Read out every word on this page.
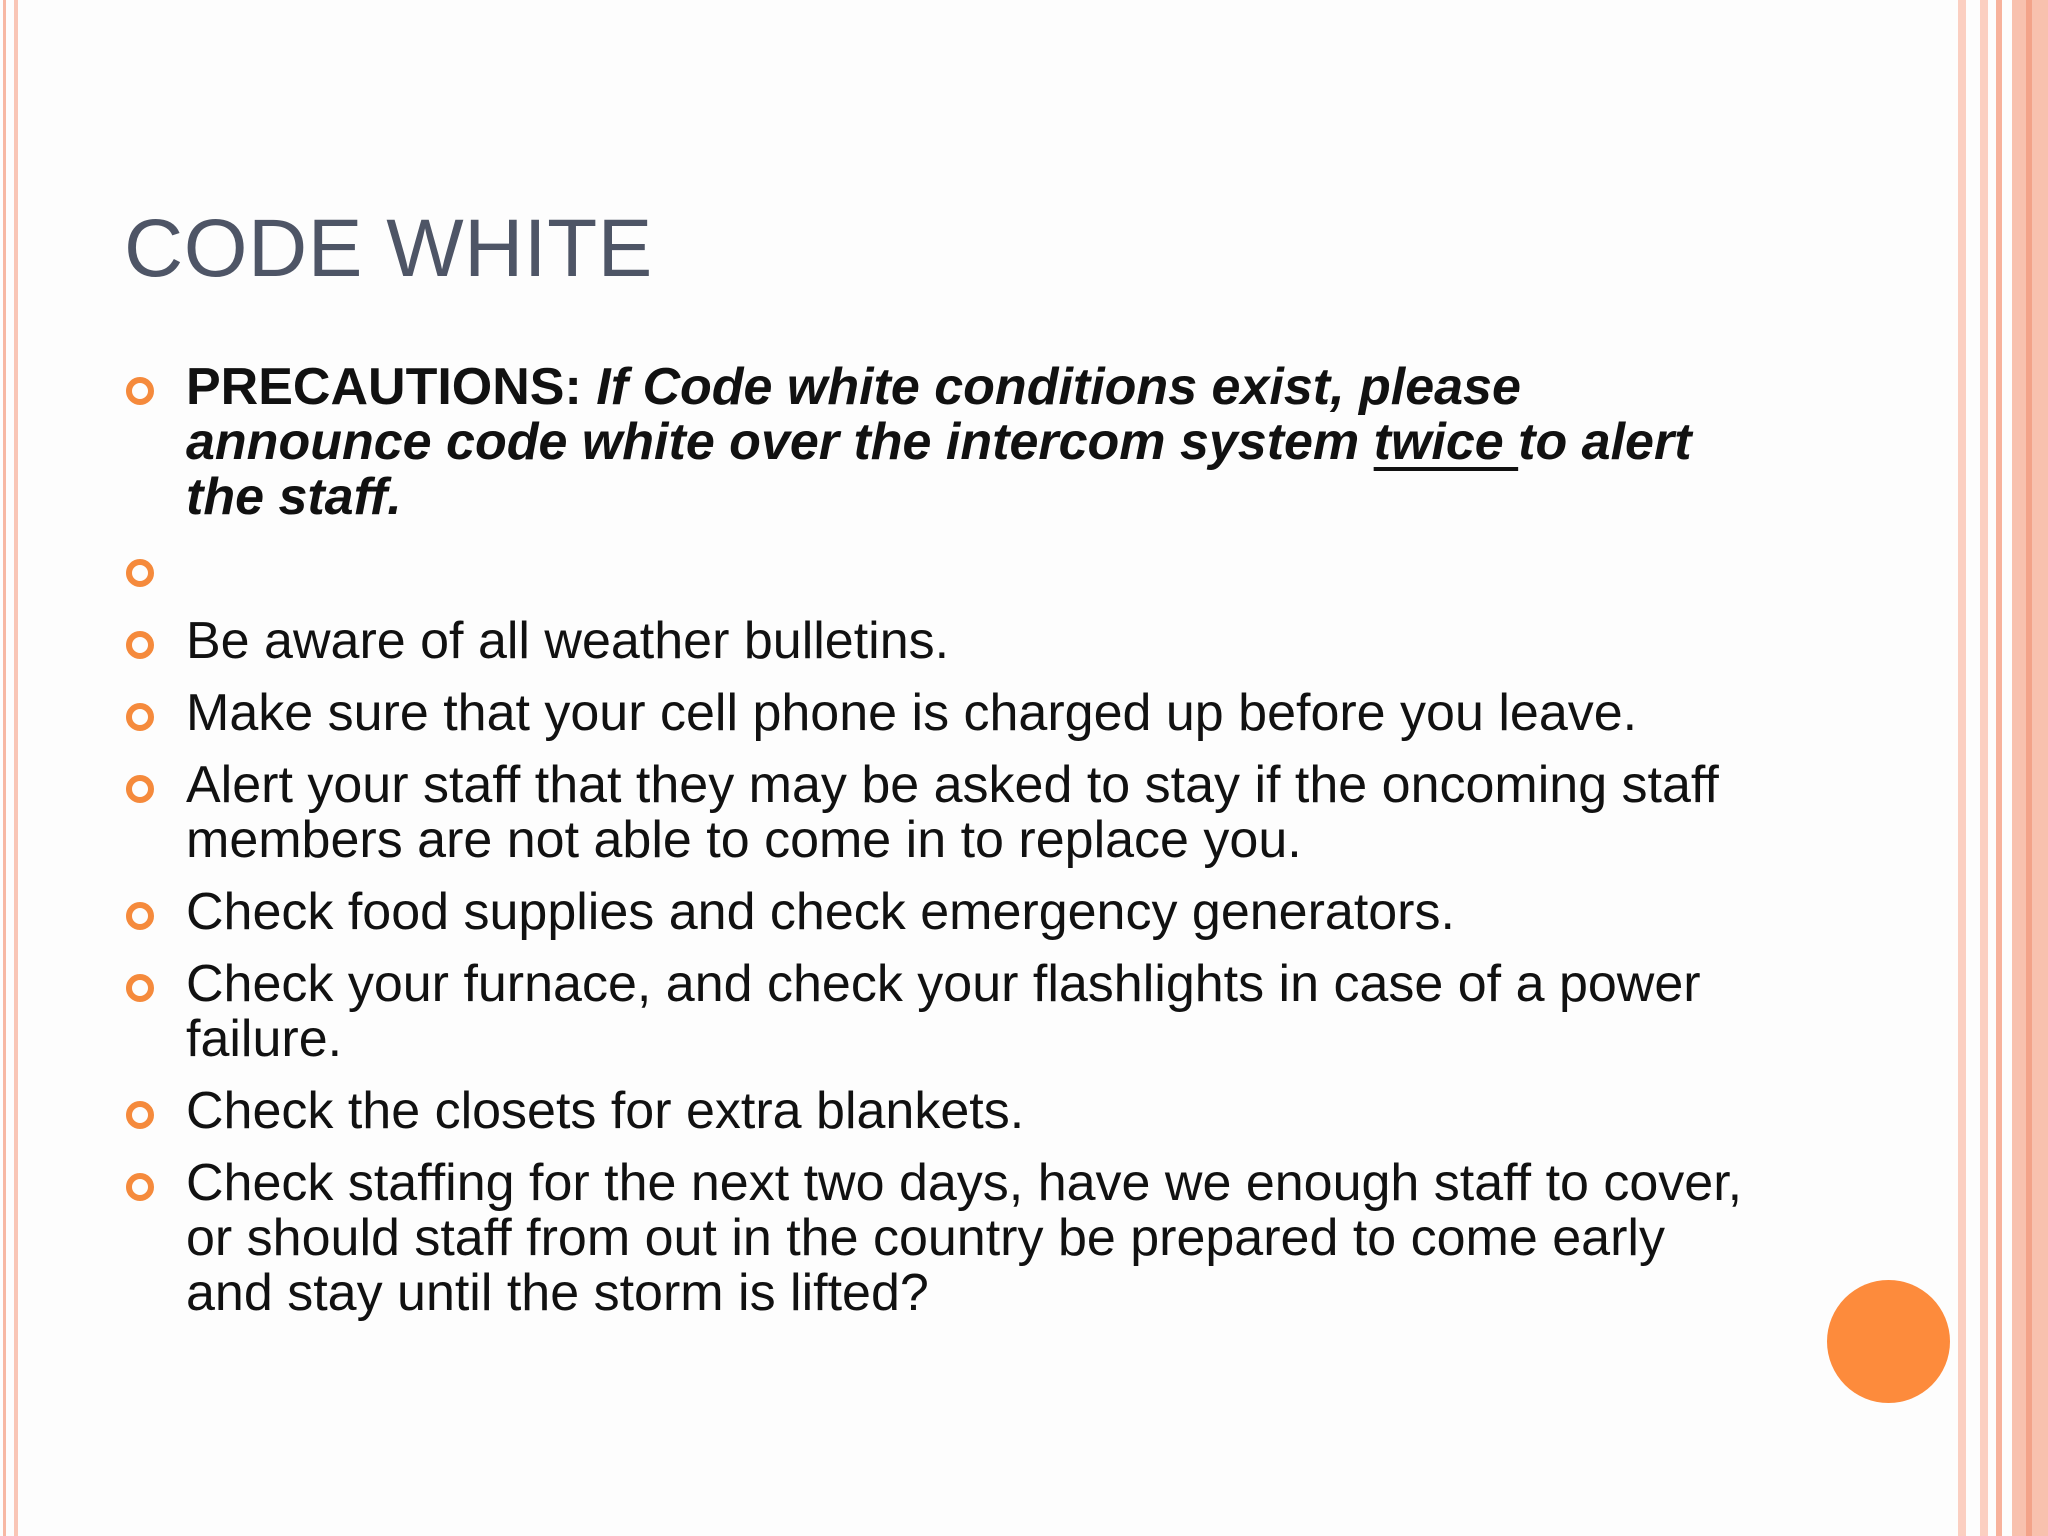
CODE WHITE
PRECAUTIONS: If Code white conditions exist, please announce code white over the intercom system twice to alert the staff.
Be aware of all weather bulletins.
Make sure that your cell phone is charged up before you leave.
Alert your staff that they may be asked to stay if the oncoming staff members are not able to come in to replace you.
Check food supplies and check emergency generators.
Check your furnace, and check your flashlights in case of a power failure.
Check the closets for extra blankets.
Check staffing for the next two days, have we enough staff to cover, or should staff from out in the country be prepared to come early and stay until the storm is lifted?
